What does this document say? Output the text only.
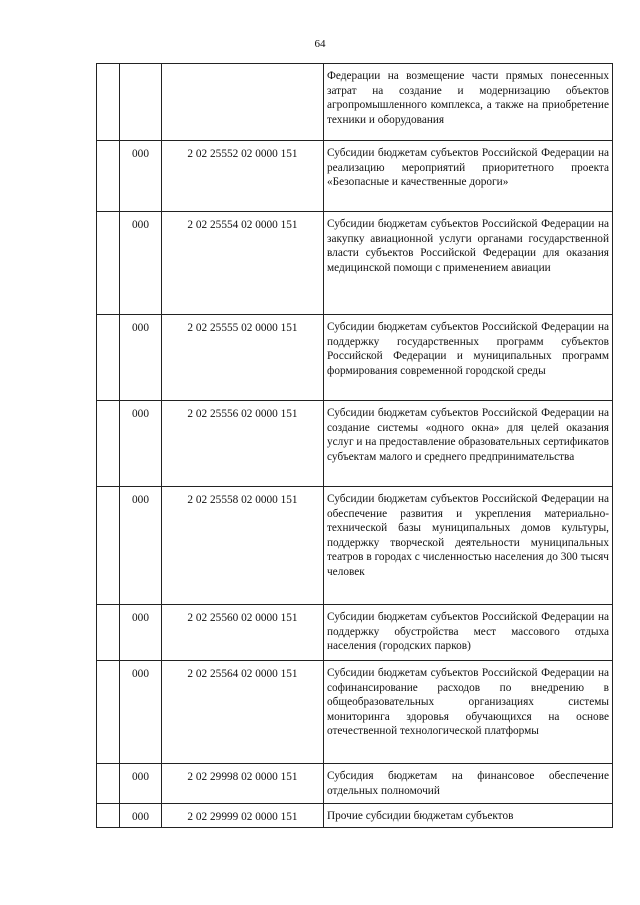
64

			Федерации на возмещение части прямых понесенных затрат на создание и модернизацию объектов агропромышленного комплекса, а также на приобретение техники и оборудования

	000	2 02 25552 02 0000 151	Субсидии бюджетам субъектов Российской Федерации на реализацию мероприятий приоритетного проекта «Безопасные и качественные дороги»

	000	2 02 25554 02 0000 151	Субсидии бюджетам субъектов Российской Федерации на закупку авиационной услуги органами государственной власти субъектов Российской Федерации для оказания медицинской помощи с применением авиации

	000	2 02 25555 02 0000 151	Субсидии бюджетам субъектов Российской Федерации на поддержку государственных программ субъектов Российской Федерации и муниципальных программ формирования современной городской среды

	000	2 02 25556 02 0000 151	Субсидии бюджетам субъектов Российской Федерации на создание системы «одного окна» для целей оказания услуг и на предоставление образовательных сертификатов субъектам малого и среднего предпринимательства

	000	2 02 25558 02 0000 151	Субсидии бюджетам субъектов Российской Федерации на обеспечение развития и укрепления материально-технической базы муниципальных домов культуры, поддержку творческой деятельности муниципальных театров в городах с численностью населения до 300 тысяч человек

	000	2 02 25560 02 0000 151	Субсидии бюджетам субъектов Российской Федерации на поддержку обустройства мест массового отдыха населения (городских парков)

	000	2 02 25564 02 0000 151	Субсидии бюджетам субъектов Российской Федерации на софинансирование расходов по внедрению в общеобразовательных организациях системы мониторинга здоровья обучающихся на основе отечественной технологической платформы

	000	2 02 29998 02 0000 151	Субсидия бюджетам на финансовое обеспечение отдельных полномочий

	000	2 02 29999 02 0000 151	Прочие субсидии бюджетам субъектов
